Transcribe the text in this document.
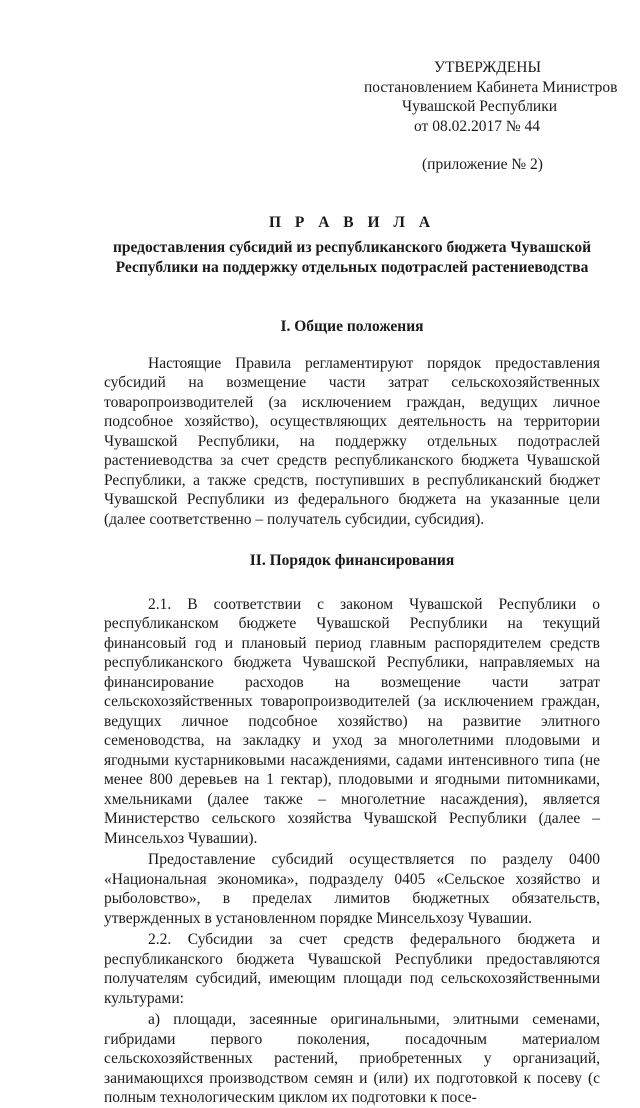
УТВЕРЖДЕНЫ
постановлением Кабинета Министров
Чувашской Республики
от 08.02.2017 № 44
(приложение № 2)
П Р А В И Л А
предоставления субсидий из республиканского бюджета Чувашской Республики на поддержку отдельных подотраслей растениеводства
I. Общие положения

Настоящие Правила регламентируют порядок предоставления субсидий на возмещение части затрат сельскохозяйственных товаропроизводителей (за исключением граждан, ведущих личное подсобное хозяйство), осуществляющих деятельность на территории Чувашской Республики, на поддержку отдельных подотраслей растениеводства за счет средств республиканского бюджета Чувашской Республики, а также средств, поступивших в республиканский бюджет Чувашской Республики из федерального бюджета на указанные цели (далее соответственно – получатель субсидии, субсидия).

II. Порядок финансирования

2.1. В соответствии с законом Чувашской Республики о республиканском бюджете Чувашской Республики на текущий финансовый год и плановый период главным распорядителем средств республиканского бюджета Чувашской Республики, направляемых на финансирование расходов на возмещение части затрат сельскохозяйственных товаропроизводителей (за исключением граждан, ведущих личное подсобное хозяйство) на развитие элитного семеноводства, на закладку и уход за многолетними плодовыми и ягодными кустарниковыми насаждениями, садами интенсивного типа (не менее 800 деревьев на 1 гектар), плодовыми и ягодными питомниками, хмельниками (далее также – многолетние насаждения), является Министерство сельского хозяйства Чувашской Республики (далее – Минсельхоз Чувашии).

Предоставление субсидий осуществляется по разделу 0400 «Национальная экономика», подразделу 0405 «Сельское хозяйство и рыболовство», в пределах лимитов бюджетных обязательств, утвержденных в установленном порядке Минсельхозу Чувашии.

2.2. Субсидии за счет средств федерального бюджета и республиканского бюджета Чувашской Республики предоставляются получателям субсидий, имеющим площади под сельскохозяйственными культурами:

а) площади, засеянные оригинальными, элитными семенами, гибридами первого поколения, посадочным материалом сельскохозяйственных растений, приобретенных у организаций, занимающихся производством семян и (или) их подготовкой к посеву (с полным технологическим циклом их подготовки к посе-
